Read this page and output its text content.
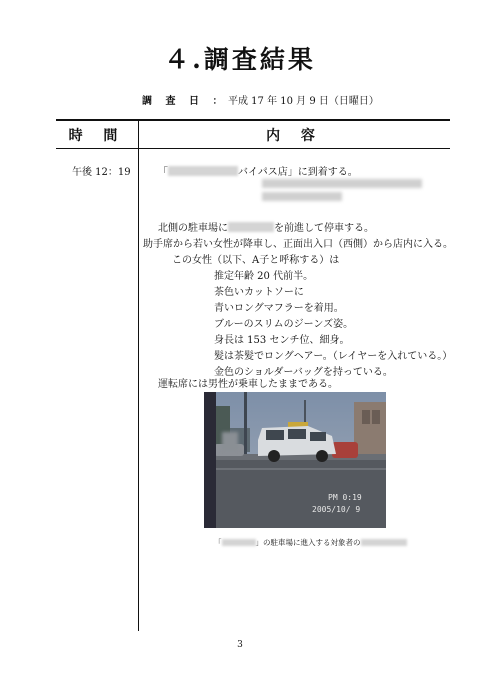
４.調査結果
調 査 日 ： 平成 17 年 10 月 9 日（日曜日）
時 間	内 容
午後 12：19	「	バイパス店」に到着する。
北側の駐車場に	を前進して停車する。
助手席から若い女性が降車し、正面出入口（西側）から店内に入る。
この女性（以下、A子と呼称する）は
推定年齢 20 代前半。
茶色いカットソーに
青いロングマフラーを着用。
ブルーのスリムのジーンズ姿。
身長は 153 センチ位、細身。
髪は茶髪でロングヘアー。（レイヤーを入れている。）
金色のショルダーバッグを持っている。
運転席には男性が乗車したままである。
PM 0:19
2005/10/ 9
「	」の駐車場に進入する対象者の
3
